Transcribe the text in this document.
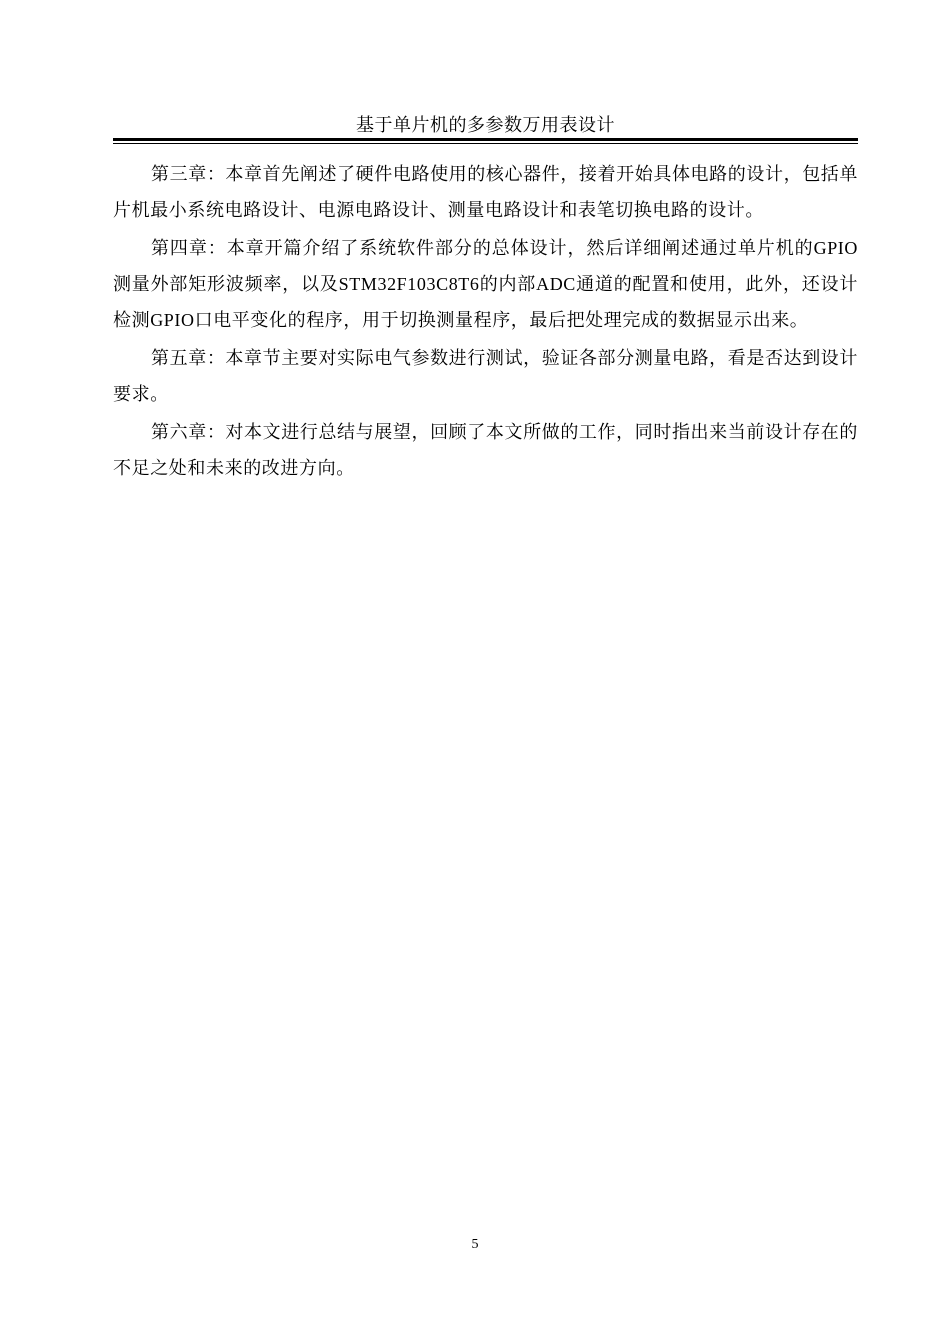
基于单片机的多参数万用表设计

第三章：本章首先阐述了硬件电路使用的核心器件，接着开始具体电路的设计，包括单片机最小系统电路设计、电源电路设计、测量电路设计和表笔切换电路的设计。

第四章：本章开篇介绍了系统软件部分的总体设计，然后详细阐述通过单片机的GPIO测量外部矩形波频率，以及STM32F103C8T6的内部ADC通道的配置和使用，此外，还设计检测GPIO口电平变化的程序，用于切换测量程序，最后把处理完成的数据显示出来。

第五章：本章节主要对实际电气参数进行测试，验证各部分测量电路，看是否达到设计要求。

第六章：对本文进行总结与展望，回顾了本文所做的工作，同时指出来当前设计存在的不足之处和未来的改进方向。

5
